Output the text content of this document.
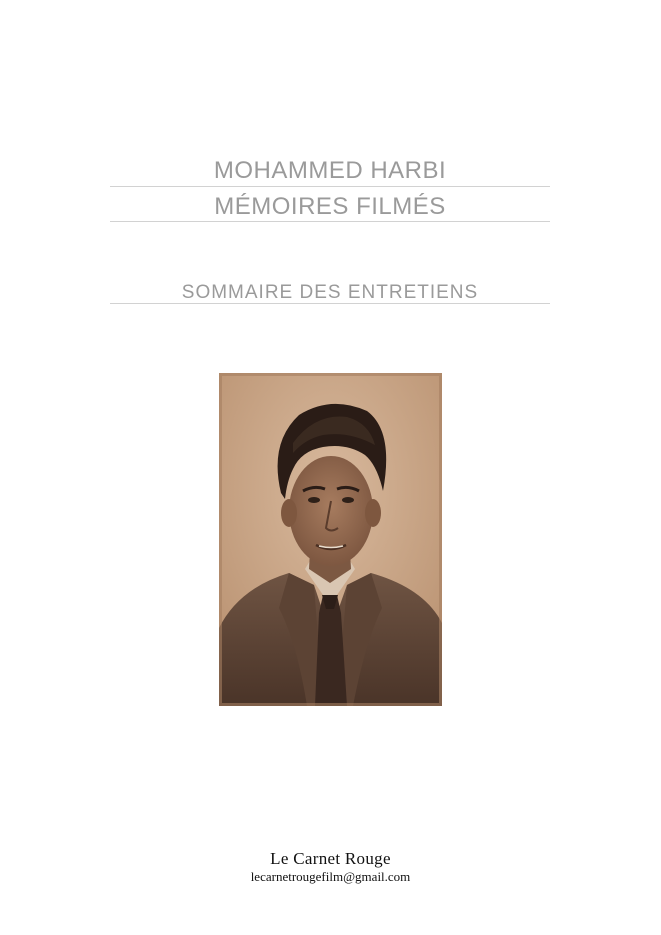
MOHAMMED HARBI
MÉMOIRES FILMÉS
SOMMAIRE DES ENTRETIENS
Le Carnet Rouge
lecarnetrougefilm@gmail.com
